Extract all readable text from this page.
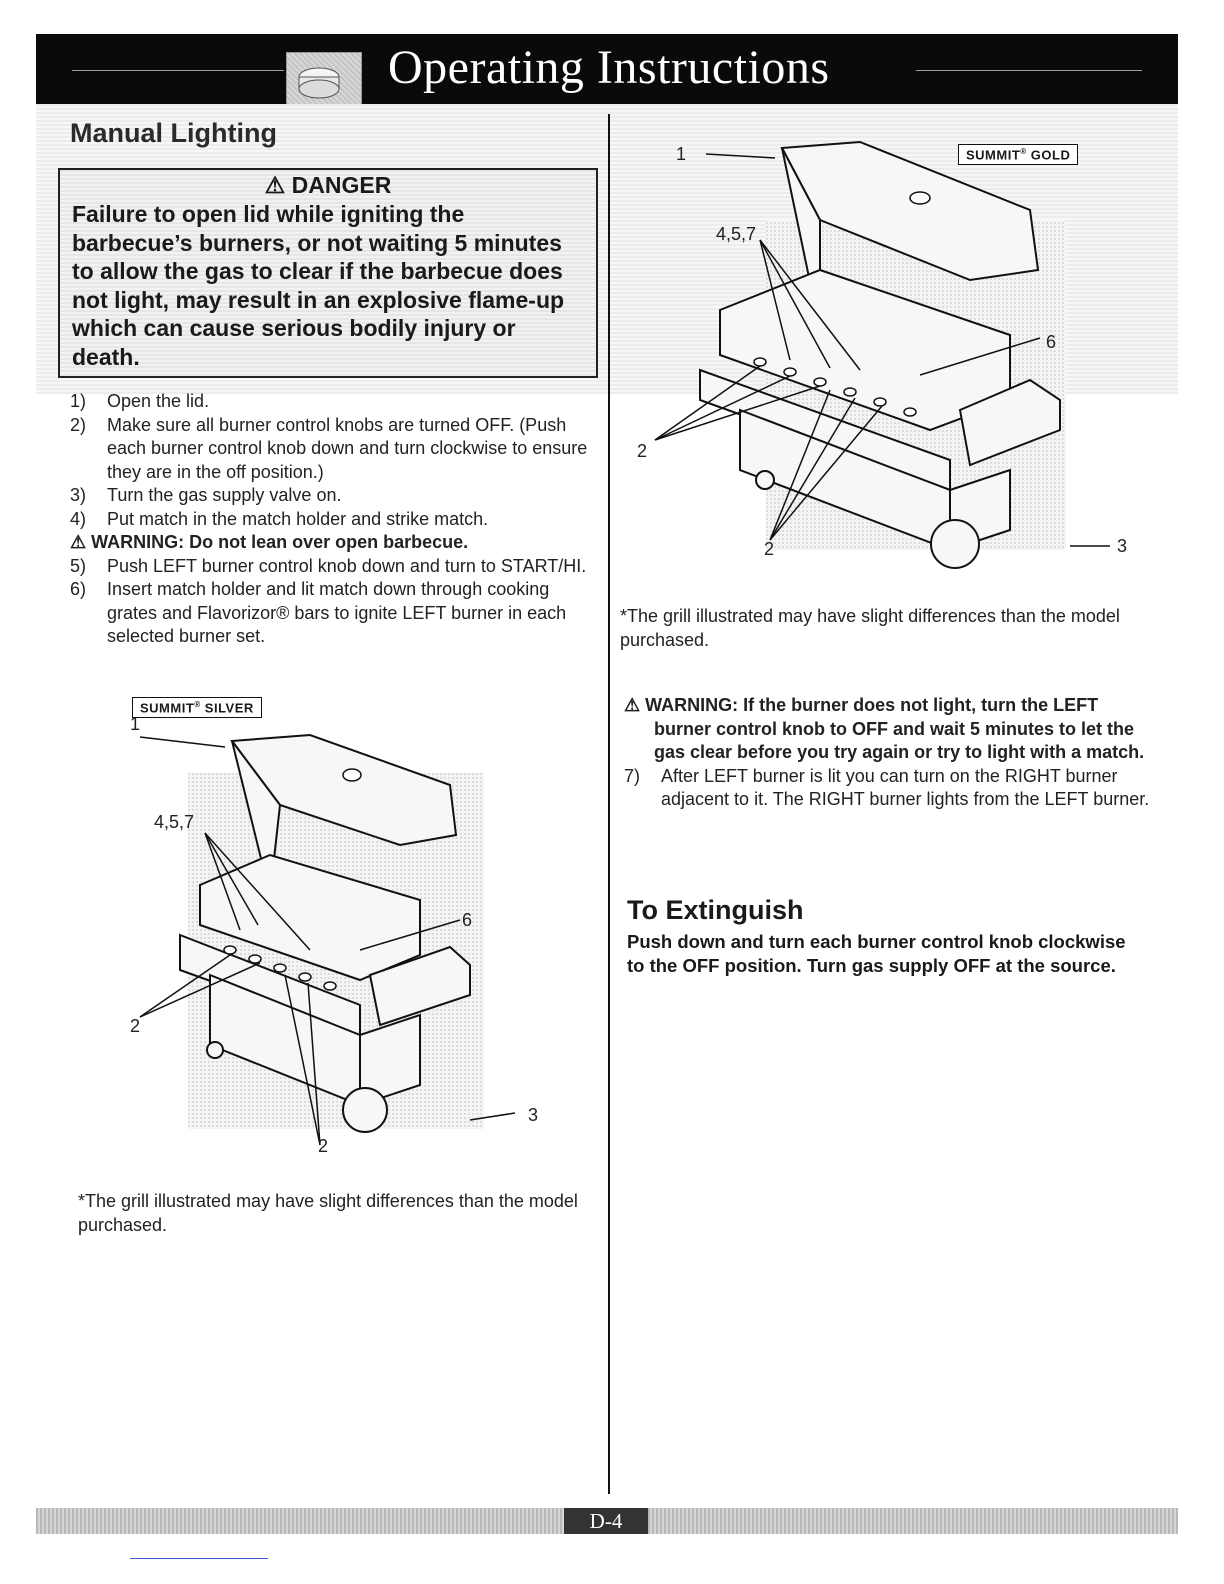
Operating Instructions
Manual Lighting
⚠ DANGER
Failure to open lid while igniting the barbecue’s burners, or not waiting 5 minutes to allow the gas to clear if the barbecue does not light, may result in an explosive flame-up which can cause serious bodily injury or death.
1) Open the lid.
2) Make sure all burner control knobs are turned OFF. (Push each burner control knob down and turn clockwise to ensure they are in the off position.)
3) Turn the gas supply valve on.
4) Put match in the match holder and strike match.
⚠ WARNING: Do not lean over open barbecue.
5) Push LEFT burner control knob down and turn to START/HI.
6) Insert match holder and lit match down through cooking grates and Flavorizor® bars to ignite LEFT burner in each selected burner set.
SUMMIT® SILVER
1
4,5,7
6
2
2
3
*The grill illustrated may have slight differences than the model purchased.
SUMMIT® GOLD
1
4,5,7
6
2
2	3
*The grill illustrated may have slight differences than the model purchased.
⚠ WARNING: If the burner does not light, turn the LEFT burner control knob to OFF and wait 5 minutes to let the gas clear before you try again or try to light with a match.
7) After LEFT burner is lit you can turn on the RIGHT burner adjacent to it. The RIGHT burner lights from the LEFT burner.
To Extinguish
Push down and turn each burner control knob clockwise to the OFF position. Turn gas supply OFF at the source.
D-4
